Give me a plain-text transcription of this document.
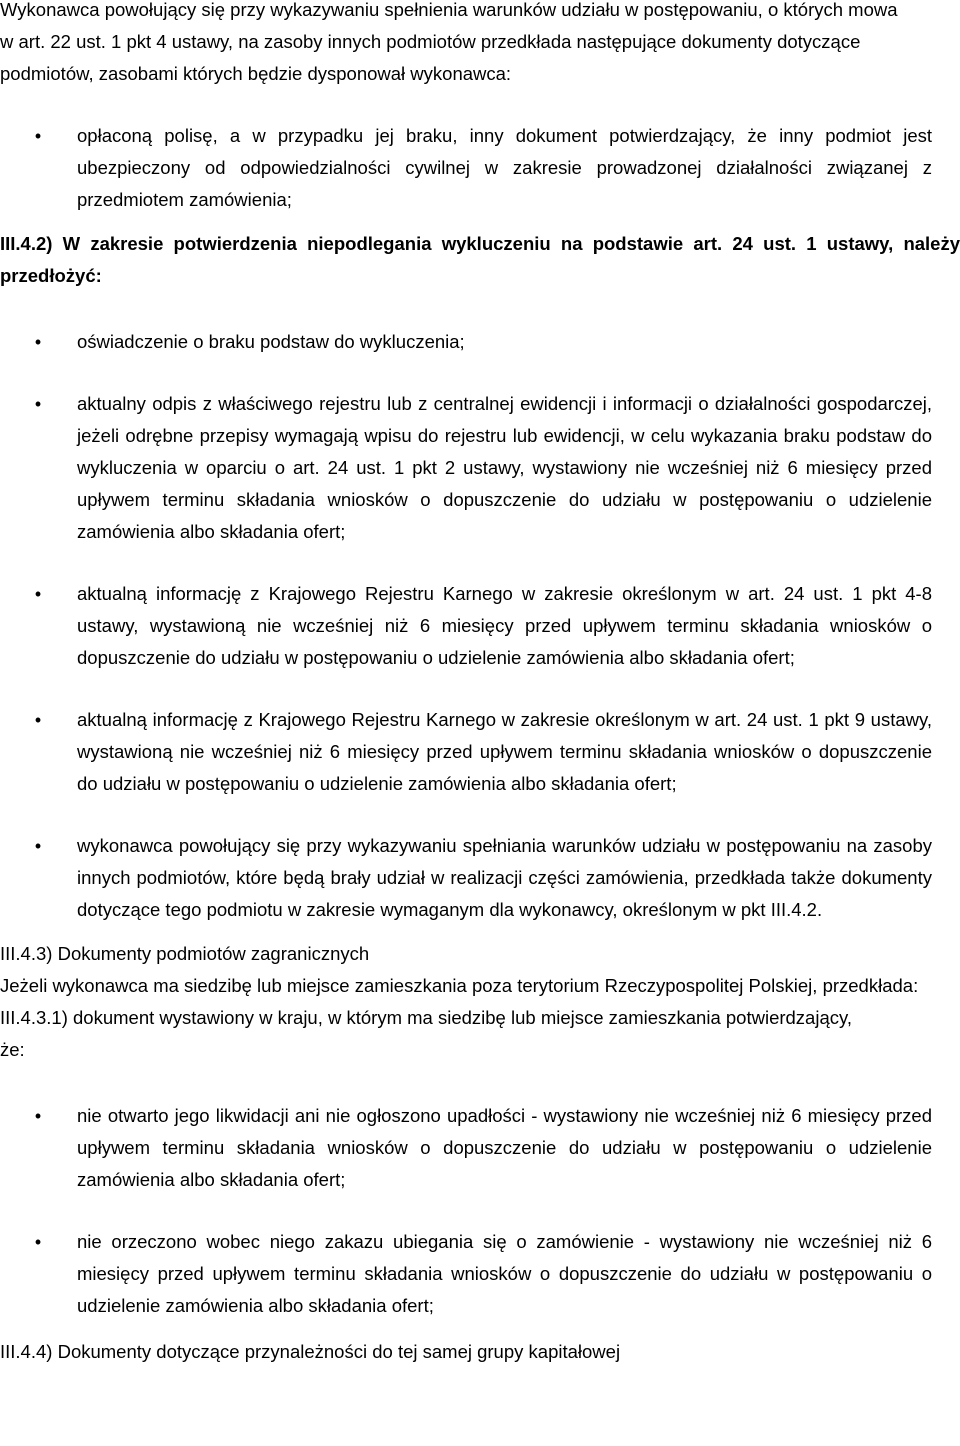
Wykonawca powołujący się przy wykazywaniu spełnienia warunków udziału w postępowaniu, o których mowa w art. 22 ust. 1 pkt 4 ustawy, na zasoby innych podmiotów przedkłada następujące dokumenty dotyczące podmiotów, zasobami których będzie dysponował wykonawca:

•	opłaconą polisę, a w przypadku jej braku, inny dokument potwierdzający, że inny podmiot jest ubezpieczony od odpowiedzialności cywilnej w zakresie prowadzonej działalności związanej z przedmiotem zamówienia;

III.4.2) W zakresie potwierdzenia niepodlegania wykluczeniu na podstawie art. 24 ust. 1 ustawy, należy przedłożyć:

•	oświadczenie o braku podstaw do wykluczenia;
•	aktualny odpis z właściwego rejestru lub z centralnej ewidencji i informacji o działalności gospodarczej, jeżeli odrębne przepisy wymagają wpisu do rejestru lub ewidencji, w celu wykazania braku podstaw do wykluczenia w oparciu o art. 24 ust. 1 pkt 2 ustawy, wystawiony nie wcześniej niż 6 miesięcy przed upływem terminu składania wniosków o dopuszczenie do udziału w postępowaniu o udzielenie zamówienia albo składania ofert;
•	aktualną informację z Krajowego Rejestru Karnego w zakresie określonym w art. 24 ust. 1 pkt 4-8 ustawy, wystawioną nie wcześniej niż 6 miesięcy przed upływem terminu składania wniosków o dopuszczenie do udziału w postępowaniu o udzielenie zamówienia albo składania ofert;
•	aktualną informację z Krajowego Rejestru Karnego w zakresie określonym w art. 24 ust. 1 pkt 9 ustawy, wystawioną nie wcześniej niż 6 miesięcy przed upływem terminu składania wniosków o dopuszczenie do udziału w postępowaniu o udzielenie zamówienia albo składania ofert;
•	wykonawca powołujący się przy wykazywaniu spełniania warunków udziału w postępowaniu na zasoby innych podmiotów, które będą brały udział w realizacji części zamówienia, przedkłada także dokumenty dotyczące tego podmiotu w zakresie wymaganym dla wykonawcy, określonym w pkt III.4.2.

III.4.3) Dokumenty podmiotów zagranicznych

Jeżeli wykonawca ma siedzibę lub miejsce zamieszkania poza terytorium Rzeczypospolitej Polskiej, przedkłada:

III.4.3.1) dokument wystawiony w kraju, w którym ma siedzibę lub miejsce zamieszkania potwierdzający, że:

•	nie otwarto jego likwidacji ani nie ogłoszono upadłości - wystawiony nie wcześniej niż 6 miesięcy przed upływem terminu składania wniosków o dopuszczenie do udziału w postępowaniu o udzielenie zamówienia albo składania ofert;
•	nie orzeczono wobec niego zakazu ubiegania się o zamówienie - wystawiony nie wcześniej niż 6 miesięcy przed upływem terminu składania wniosków o dopuszczenie do udziału w postępowaniu o udzielenie zamówienia albo składania ofert;

III.4.4) Dokumenty dotyczące przynależności do tej samej grupy kapitałowej
